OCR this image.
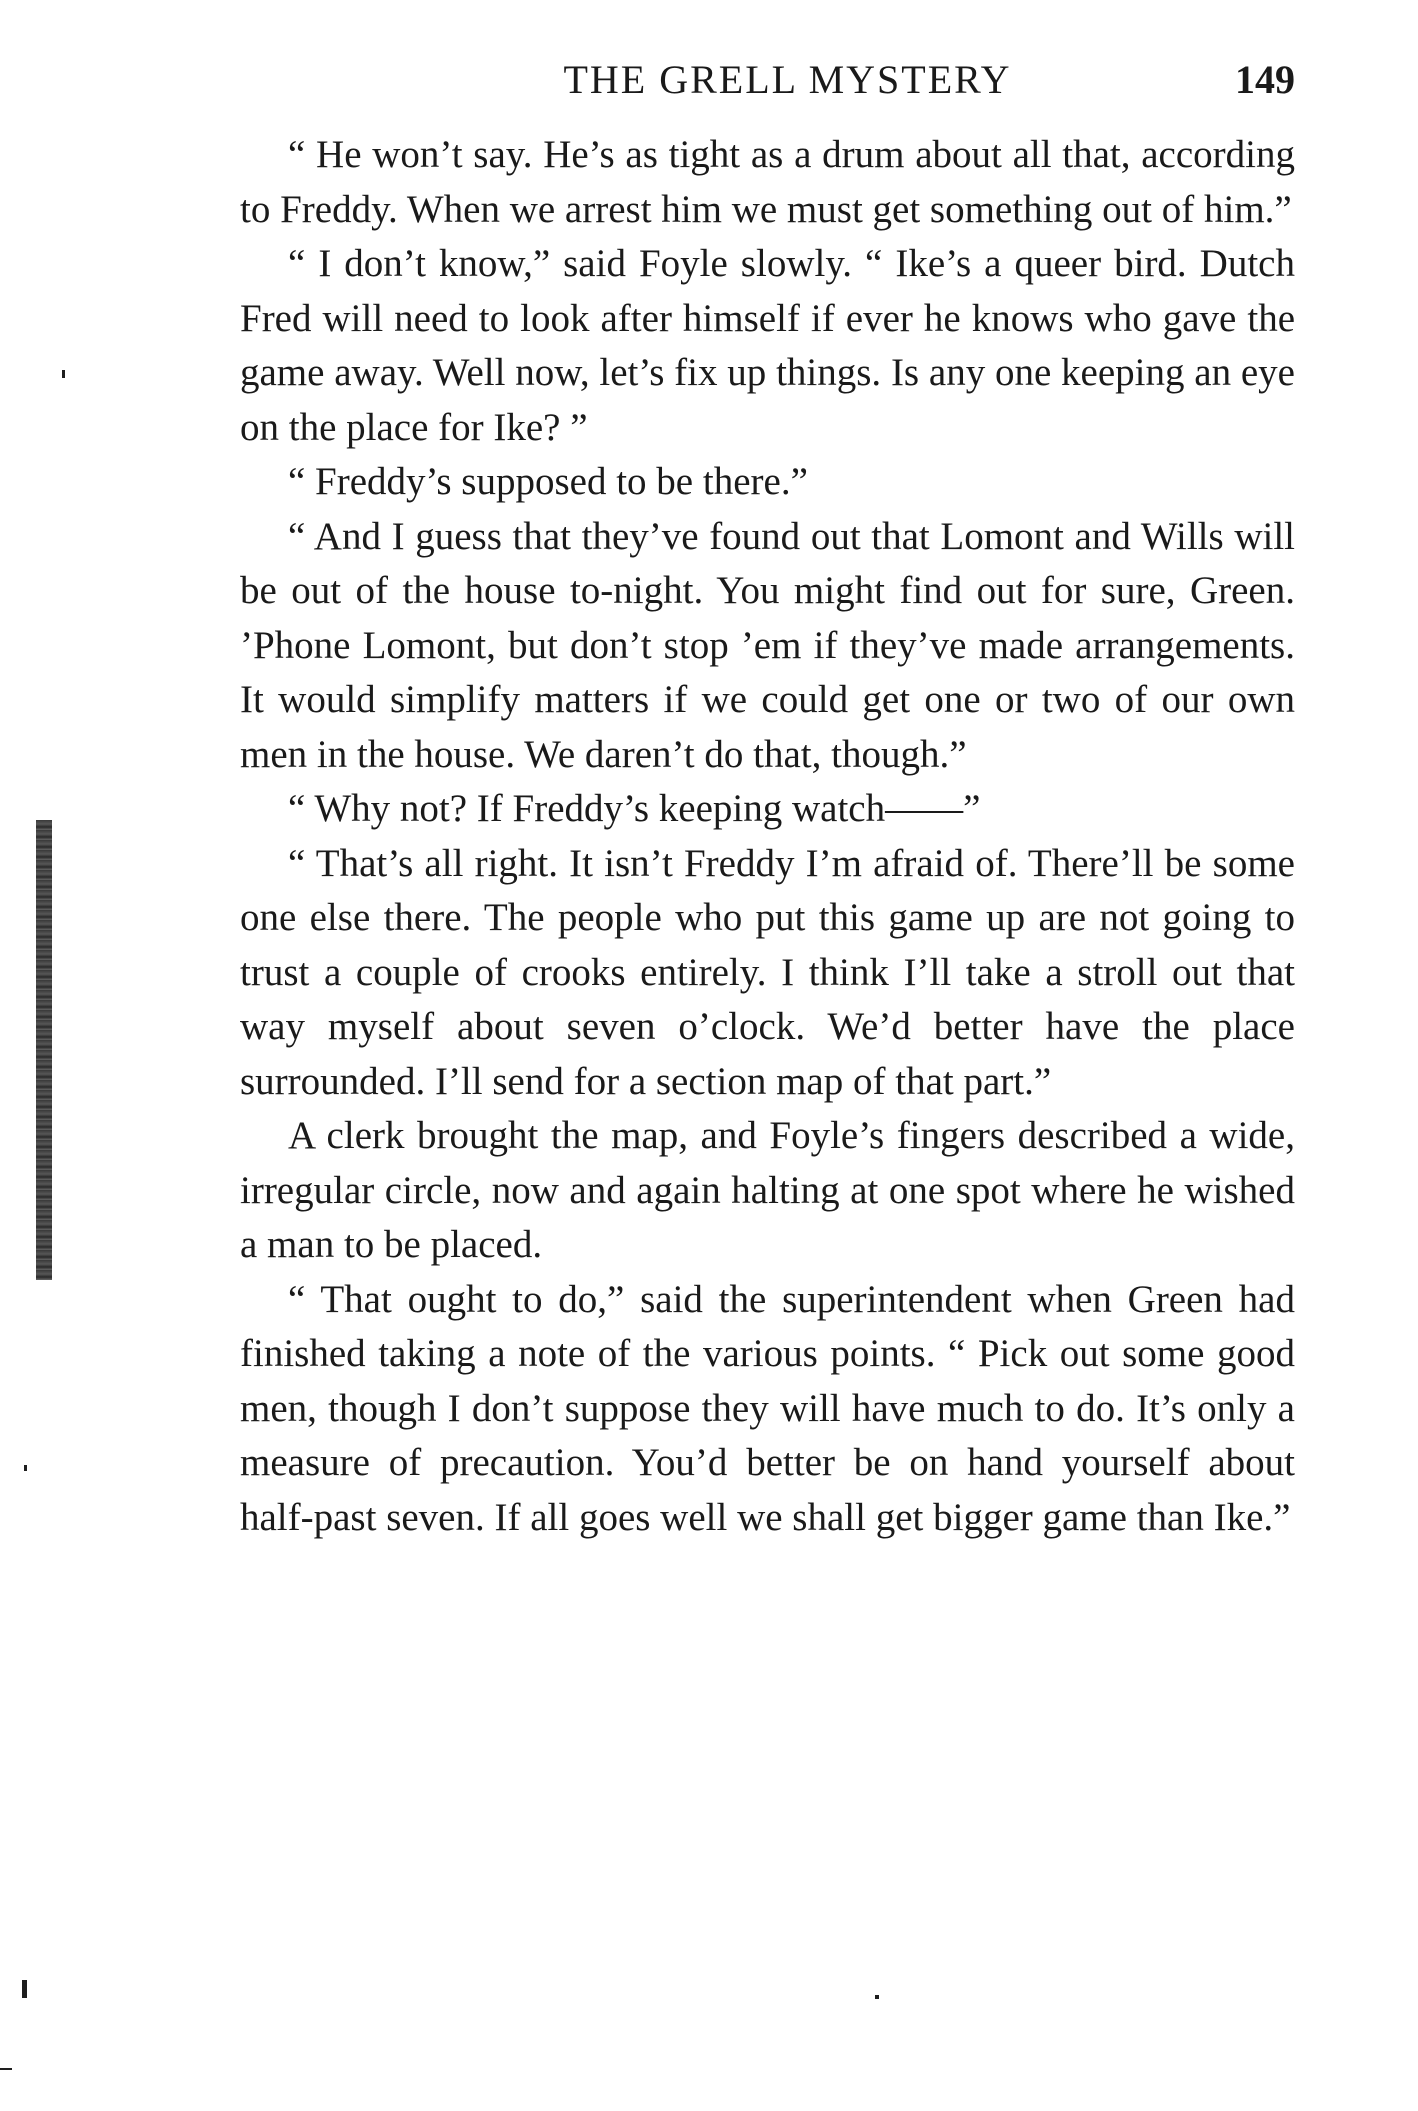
THE GRELL MYSTERY	149

“ He won’t say. He’s as tight as a drum about all that, according to Freddy. When we arrest him we must get something out of him.”

“ I don’t know,” said Foyle slowly. “ Ike’s a queer bird. Dutch Fred will need to look after himself if ever he knows who gave the game away. Well now, let’s fix up things. Is any one keeping an eye on the place for Ike? ”

“ Freddy’s supposed to be there.”

“ And I guess that they’ve found out that Lomont and Wills will be out of the house to-night. You might find out for sure, Green. ’Phone Lomont, but don’t stop ’em if they’ve made arrangements. It would simplify matters if we could get one or two of our own men in the house. We daren’t do that, though.”

“ Why not? If Freddy’s keeping watch——”

“ That’s all right. It isn’t Freddy I’m afraid of. There’ll be some one else there. The people who put this game up are not going to trust a couple of crooks entirely. I think I’ll take a stroll out that way myself about seven o’clock. We’d better have the place surrounded. I’ll send for a section map of that part.”

A clerk brought the map, and Foyle’s fingers described a wide, irregular circle, now and again halting at one spot where he wished a man to be placed.

“ That ought to do,” said the superintendent when Green had finished taking a note of the various points. “ Pick out some good men, though I don’t suppose they will have much to do. It’s only a measure of precaution. You’d better be on hand yourself about half-past seven. If all goes well we shall get bigger game than Ike.”
